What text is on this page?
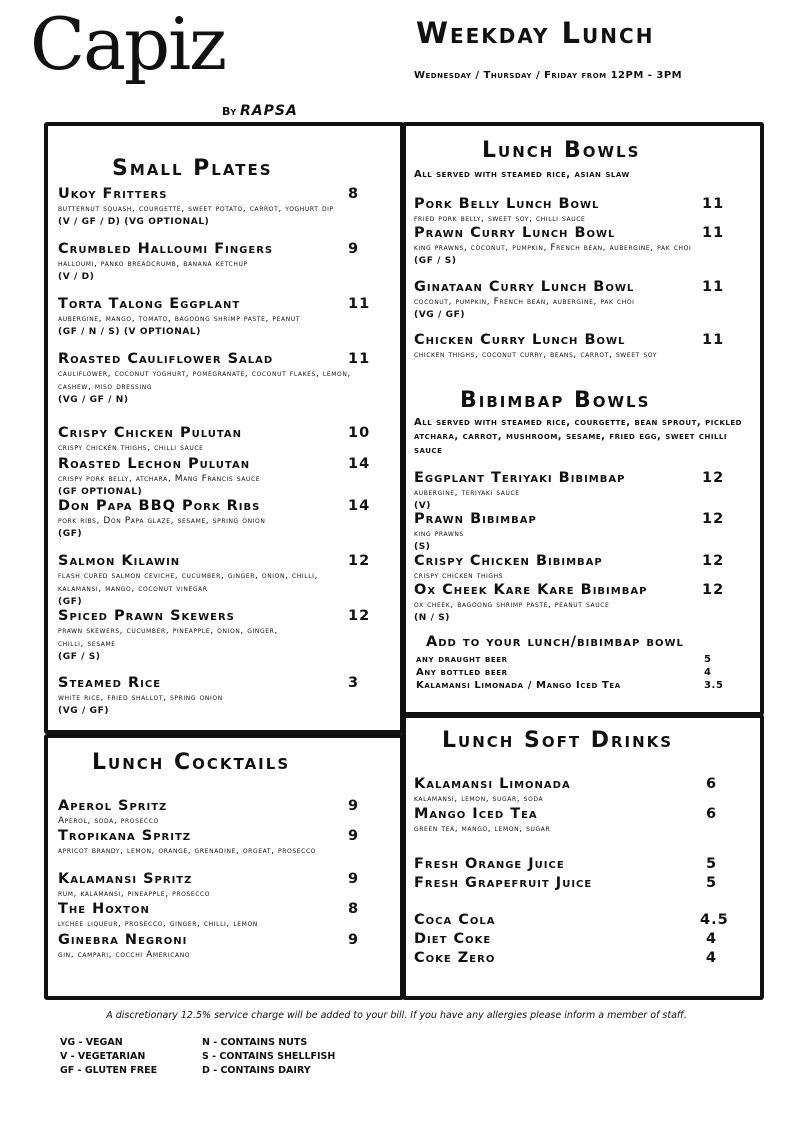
Capiz
By RAPSA
Weekday Lunch
Wednesday / Thursday / Friday from 12PM - 3PM
Small Plates
Ukoy Fritters	8
butternut squash, courgette, sweet potato, carrot, yoghurt dip
(V / GF / D) (VG OPTIONAL)
Crumbled Halloumi Fingers	9
halloumi, panko breadcrumb, banana ketchup
(V / D)
Torta Talong Eggplant	11
aubergine, mango, tomato, bagoong shrimp paste, peanut
(GF / N / S) (V OPTIONAL)
Roasted Cauliflower Salad	11
cauliflower, coconut yoghurt, pomegranate, coconut flakes, lemon, cashew, miso dressing
(VG / GF / N)
Crispy Chicken Pulutan	10
crispy chicken thighs, chilli sauce
Roasted Lechon Pulutan	14
crispy pork belly, atchara, Mang Francis sauce
(GF OPTIONAL)
Don Papa BBQ Pork Ribs	14
pork ribs, Don Papa glaze, sesame, spring onion
(GF)
Salmon Kilawin	12
flash cured salmon ceviche, cucumber, ginger, onion, chilli, kalamansi, mango, coconut vinegar
(GF)
Spiced Prawn Skewers	12
prawn skewers, cucumber, pineapple, onion, ginger, chilli, sesame
(GF / S)
Steamed Rice	3
white rice, fried shallot, spring onion
(VG / GF)
Lunch Cocktails
Aperol Spritz	9
Aperol, soda, prosecco
Tropikana Spritz	9
apricot brandy, lemon, orange, grenadine, orgeat, prosecco
Kalamansi Spritz	9
rum, kalamansi, pineapple, prosecco
The Hoxton	8
lychee liqueur, prosecco, ginger, chilli, lemon
Ginebra Negroni	9
gin, campari, cocchi Americano
Lunch Bowls
All served with steamed rice, asian slaw
Pork Belly Lunch Bowl	11
fried pork belly, sweet soy, chilli sauce
Prawn Curry Lunch Bowl	11
king prawns, coconut, pumpkin, French bean, aubergine, pak choi
(GF / S)
Ginataan Curry Lunch Bowl	11
coconut, pumpkin, French bean, aubergine, pak choi
(VG / GF)
Chicken Curry Lunch Bowl	11
chicken thighs, coconut curry, beans, carrot, sweet soy
Bibimbap Bowls
All served with steamed rice, courgette, bean sprout, pickled atchara, carrot, mushroom, sesame, fried egg, sweet chilli sauce
Eggplant Teriyaki Bibimbap	12
aubergine, teriyaki sauce
(V)
Prawn Bibimbap	12
king prawns
(S)
Crispy Chicken Bibimbap	12
crispy chicken thighs
Ox Cheek Kare Kare Bibimbap	12
ox cheek, bagoong shrimp paste, peanut sauce
(N / S)
Add to your lunch/bibimbap bowl
any draught beer	5
Any bottled beer	4
Kalamansi Limonada / Mango Iced Tea	3.5
Lunch Soft Drinks
Kalamansi Limonada	6
kalamansi, lemon, sugar, soda
Mango Iced Tea	6
green tea, mango, lemon, sugar
Fresh Orange Juice	5
Fresh Grapefruit Juice	5
Coca Cola	4.5
Diet Coke	4
Coke Zero	4
A discretionary 12.5% service charge will be added to your bill. If you have any allergies please inform a member of staff.
VG - VEGAN
V - VEGETARIAN
GF - GLUTEN FREE
N - CONTAINS NUTS
S - CONTAINS SHELLFISH
D - CONTAINS DAIRY
